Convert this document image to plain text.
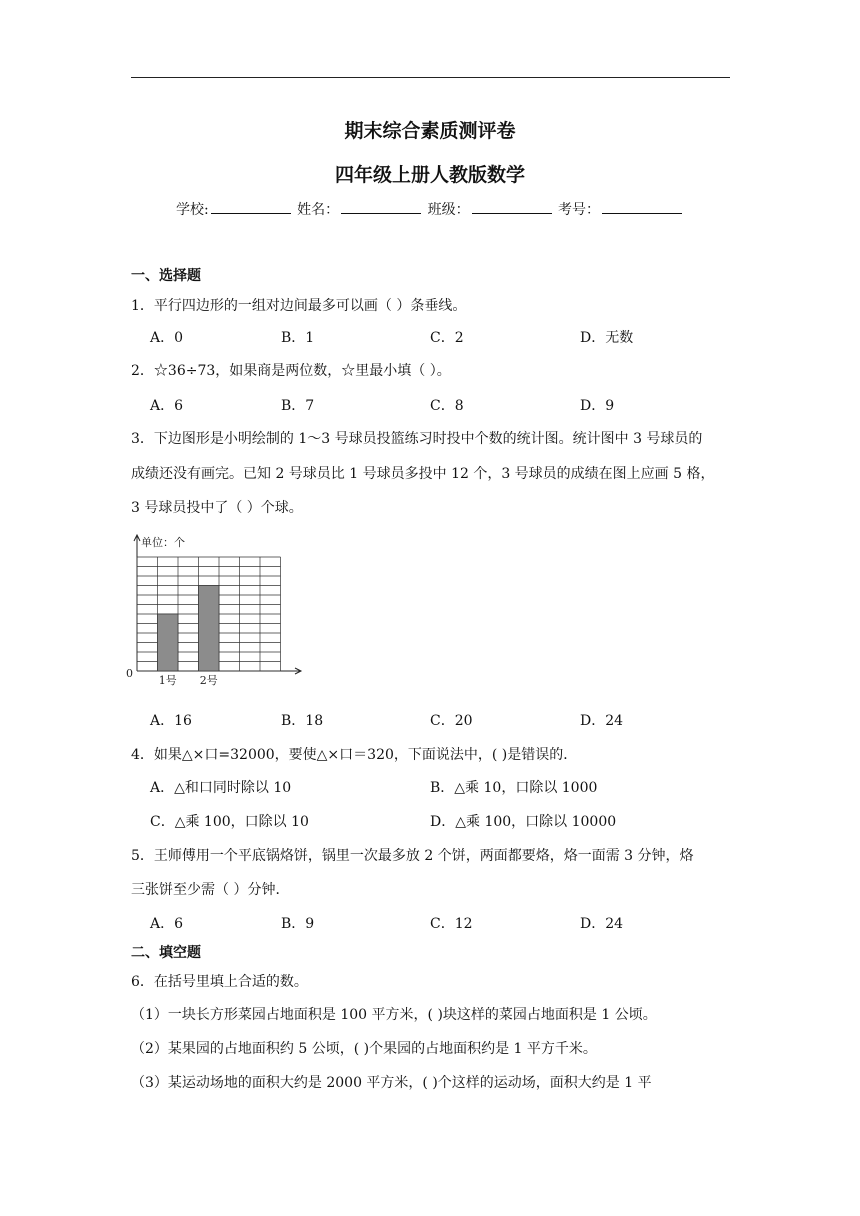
期末综合素质测评卷
四年级上册人教版数学
学校:	姓名：	班级：	考号：
一、选择题
1．平行四边形的一组对边间最多可以画（ ）条垂线。
A．0	B．1	C．2	D．无数
2．☆36÷73，如果商是两位数，☆里最小填（ ）。
A．6	B．7	C．8	D．9
3．下边图形是小明绘制的 1～3 号球员投篮练习时投中个数的统计图。统计图中 3 号球员的
成绩还没有画完。已知 2 号球员比 1 号球员多投中 12 个，3 号球员的成绩在图上应画 5 格，
3 号球员投中了（ ）个球。
1号 2号
单位：个
0
A．16	B．18	C．20	D．24
4．如果△×口=32000，要使△×口＝320，下面说法中，( )是错误的．
A．△和口同时除以 10	B．△乘 10，口除以 1000
C．△乘 100，口除以 10	D．△乘 100，口除以 10000
5．王师傅用一个平底锅烙饼，锅里一次最多放 2 个饼，两面都要烙，烙一面需 3 分钟，烙
三张饼至少需（ ）分钟．
A．6	B．9	C．12	D．24
二、填空题
6．在括号里填上合适的数。
（1）一块长方形菜园占地面积是 100 平方米，( )块这样的菜园占地面积是 1 公顷。
（2）某果园的占地面积约 5 公顷，( )个果园的占地面积约是 1 平方千米。
（3）某运动场地的面积大约是 2000 平方米，( )个这样的运动场，面积大约是 1 平
